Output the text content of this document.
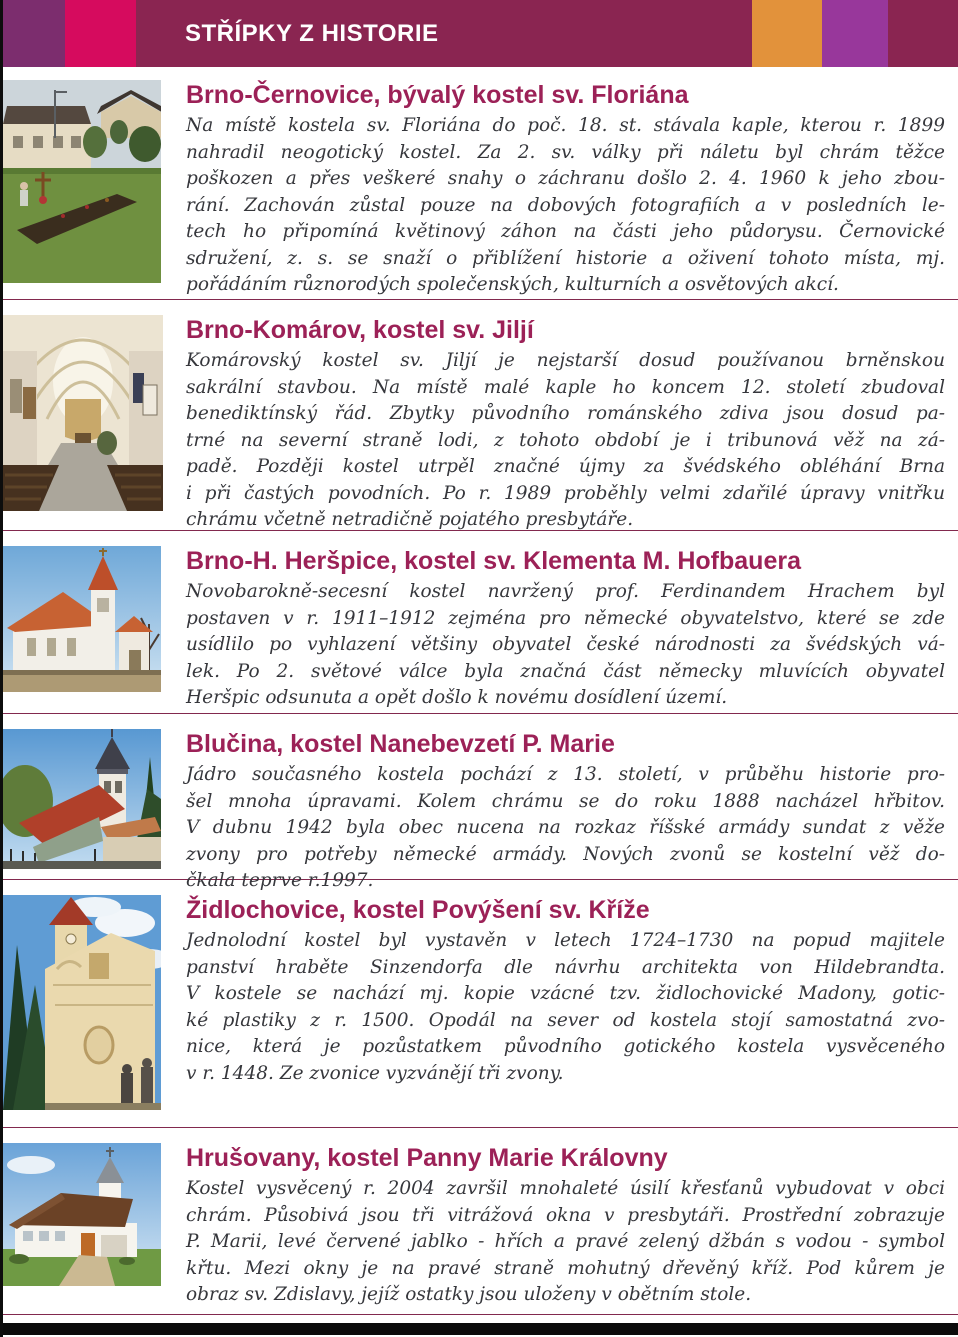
STŘÍPKY Z HISTORIE
Brno-Černovice, bývalý kostel sv. Floriána
Na místě kostela sv. Floriána do poč. 18. st. stávala kaple, kterou r. 1899
nahradil neogotický kostel. Za 2. sv. války při náletu byl chrám těžce
poškozen a přes veškeré snahy o záchranu došlo 2. 4. 1960 k jeho zbou-
rání. Zachován zůstal pouze na dobových fotografiích a v posledních le-
tech ho připomíná květinový záhon na části jeho půdorysu. Černovické
sdružení, z. s. se snaží o přiblížení historie a oživení tohoto místa, mj.
pořádáním různorodých společenských, kulturních a osvětových akcí.
Brno-Komárov, kostel sv. Jiljí
Komárovský kostel sv. Jiljí je nejstarší dosud používanou brněnskou
sakrální stavbou. Na místě malé kaple ho koncem 12. století zbudoval
benediktínský řád. Zbytky původního románského zdiva jsou dosud pa-
trné na severní straně lodi, z tohoto období je i tribunová věž na zá-
padě. Později kostel utrpěl značné újmy za švédského obléhání Brna
i při častých povodních. Po r. 1989 proběhly velmi zdařilé úpravy vnitřku
chrámu včetně netradičně pojatého presbytáře.
Brno-H. Heršpice, kostel sv. Klementa M. Hofbauera
Novobarokně-secesní kostel navržený prof. Ferdinandem Hrachem byl
postaven v r. 1911–1912 zejména pro německé obyvatelstvo, které se zde
usídlilo po vyhlazení většiny obyvatel české národnosti za švédských vá-
lek. Po 2. světové válce byla značná část německy mluvících obyvatel
Heršpic odsunuta a opět došlo k novému dosídlení území.
Blučina, kostel Nanebevzetí P. Marie
Jádro současného kostela pochází z 13. století, v průběhu historie pro-
šel mnoha úpravami. Kolem chrámu se do roku 1888 nacházel hřbitov.
V dubnu 1942 byla obec nucena na rozkaz říšské armády sundat z věže
zvony pro potřeby německé armády. Nových zvonů se kostelní věž do-
čkala teprve r.1997.
Židlochovice, kostel Povýšení sv. Kříže
Jednolodní kostel byl vystavěn v letech 1724–1730 na popud majitele
panství hraběte Sinzendorfa dle návrhu architekta von Hildebrandta.
V kostele se nachází mj. kopie vzácné tzv. židlochovické Madony, gotic-
ké plastiky z r. 1500. Opodál na sever od kostela stojí samostatná zvo-
nice, která je pozůstatkem původního gotického kostela vysvěceného
v r. 1448. Ze zvonice vyzvánějí tři zvony.
Hrušovany, kostel Panny Marie Královny
Kostel vysvěcený r. 2004 završil mnohaleté úsilí křesťanů vybudovat v obci
chrám. Působivá jsou tři vitrážová okna v presbytáři. Prostřední zobrazuje
P. Marii, levé červené jablko - hřích a pravé zelený džbán s vodou - symbol
křtu. Mezi okny je na pravé straně mohutný dřevěný kříž. Pod kůrem je
obraz sv. Zdislavy, jejíž ostatky jsou uloženy v obětním stole.
